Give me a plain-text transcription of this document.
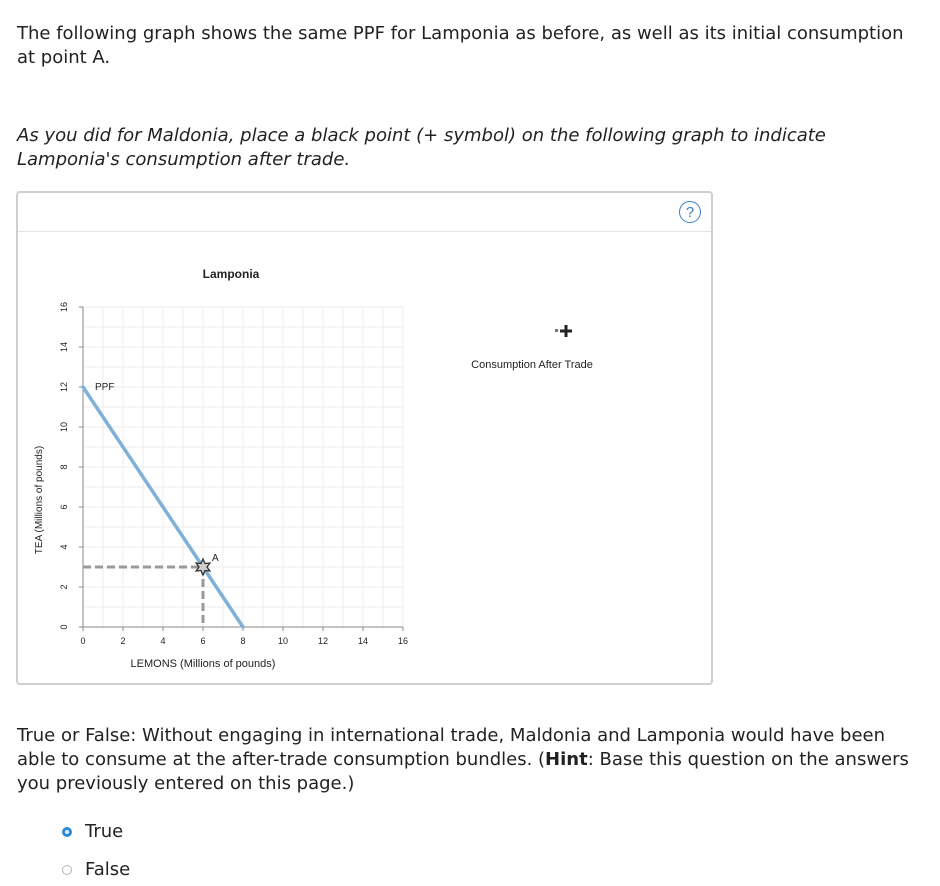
The following graph shows the same PPF for Lamponia as before, as well as its initial consumption at point A.

As you did for Maldonia, place a black point (+ symbol) on the following graph to indicate Lamponia's consumption after trade.

?
Lamponia
0	2	4	6	8	10	12	14	16
0
2
4
6
8
10
12
14
16
LEMONS (Millions of pounds)
TEA (Millions of pounds)
PPF
A
Consumption After Trade

True or False: Without engaging in international trade, Maldonia and Lamponia would have been able to consume at the after-trade consumption bundles. (Hint: Base this question on the answers you previously entered on this page.)

True
False
